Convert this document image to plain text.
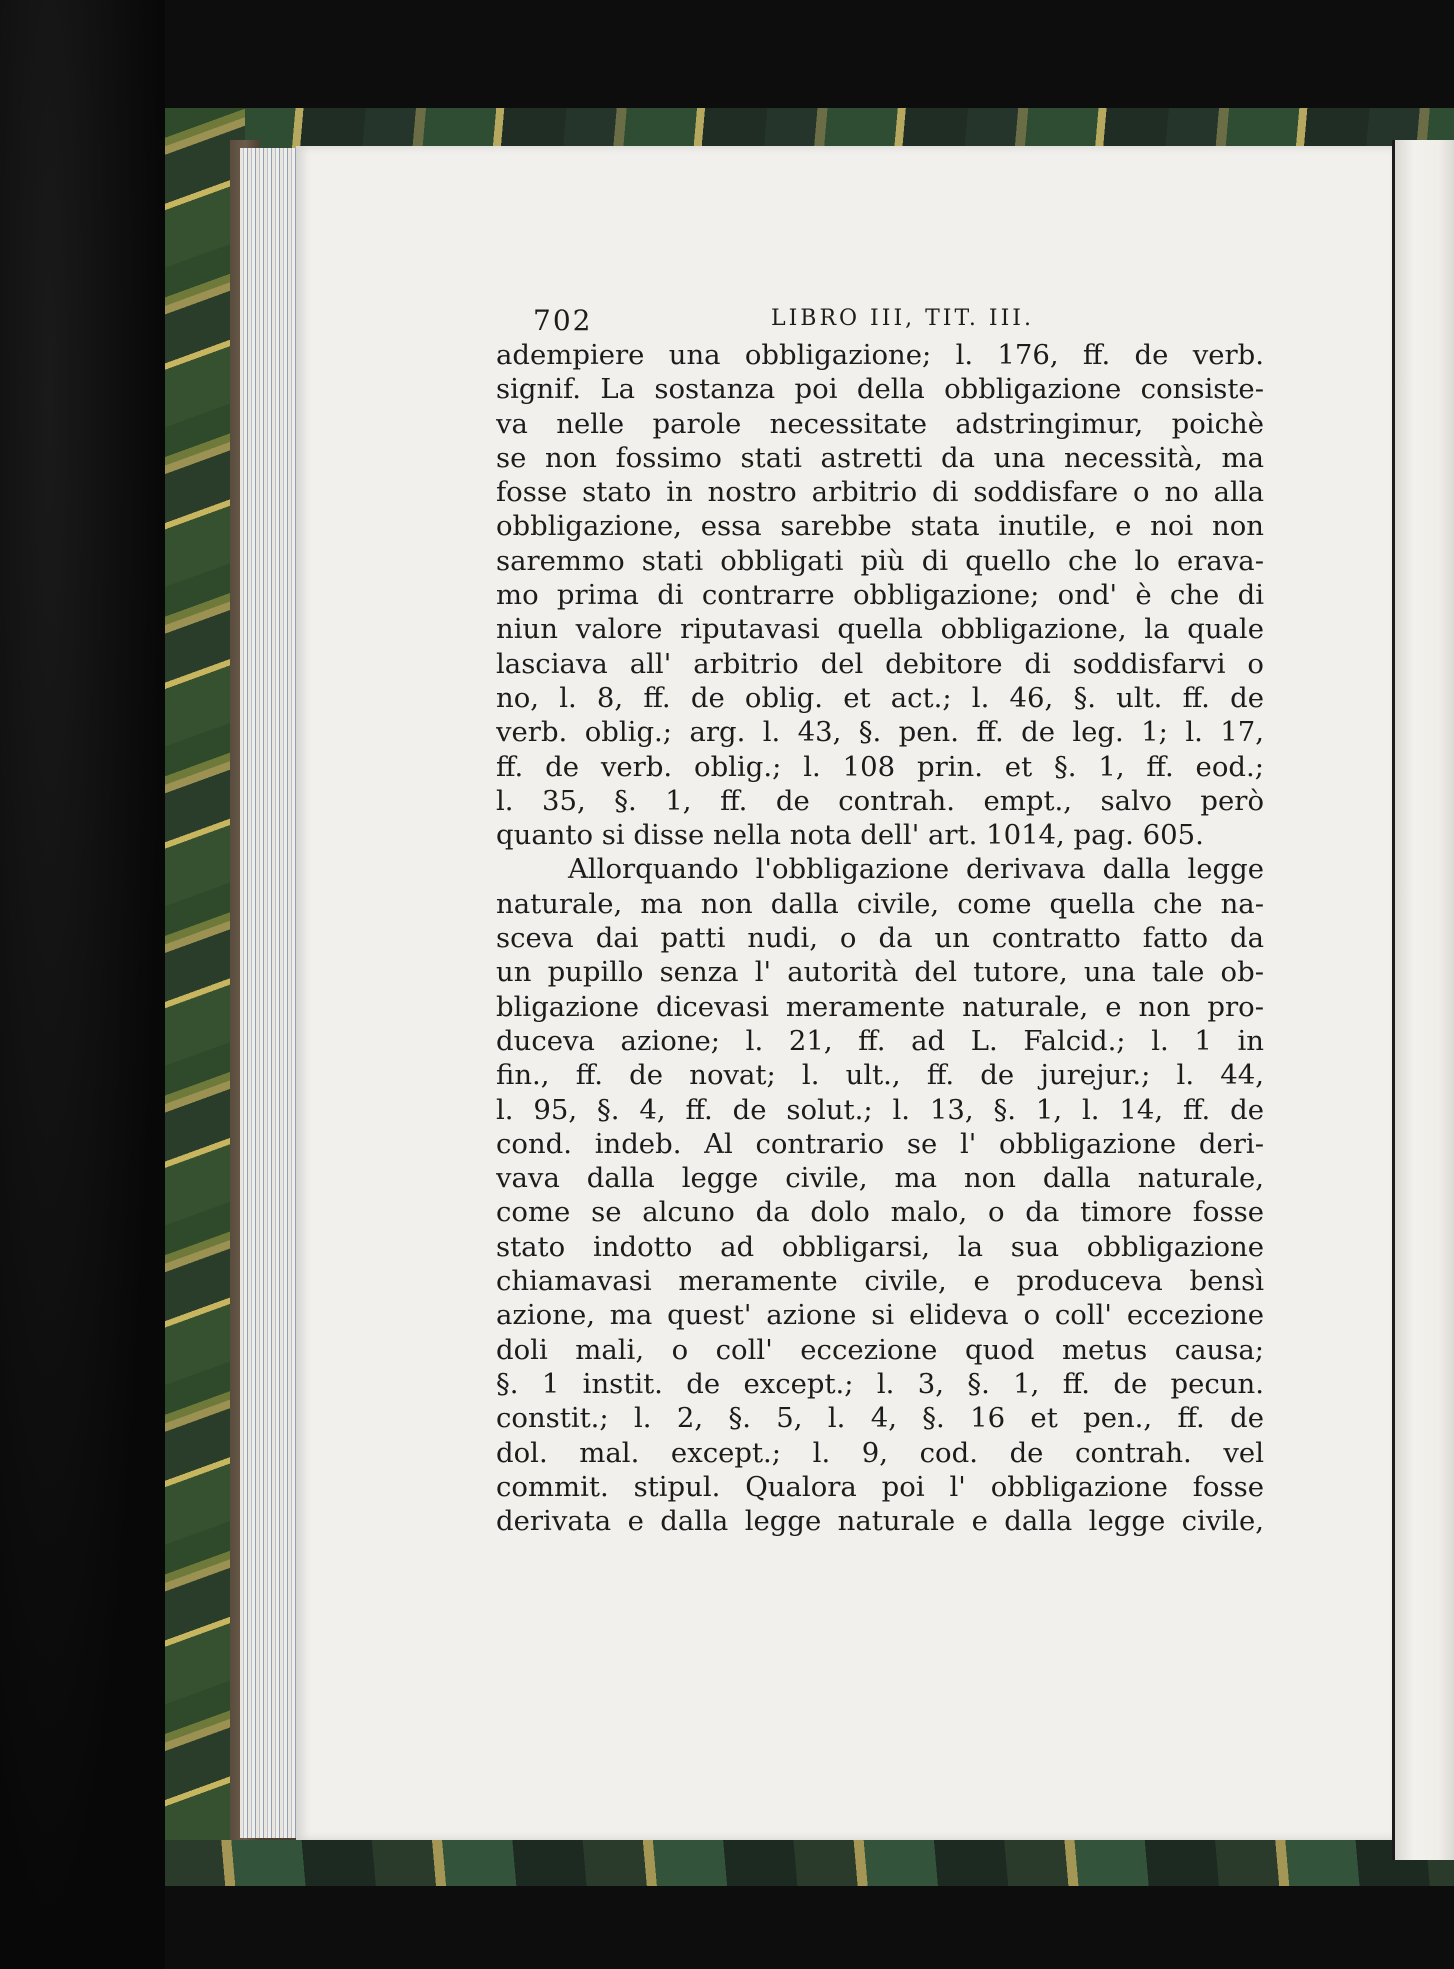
702	LIBRO III, TIT. III.
adempiere una obbligazione; l. 176, ff. de verb.
signif. La sostanza poi della obbligazione consiste-
va nelle parole necessitate adstringimur, poichè
se non fossimo stati astretti da una necessità, ma
fosse stato in nostro arbitrio di soddisfare o no alla
obbligazione, essa sarebbe stata inutile, e noi non
saremmo stati obbligati più di quello che lo erava-
mo prima di contrarre obbligazione; ond' è che di
niun valore riputavasi quella obbligazione, la quale
lasciava all' arbitrio del debitore di soddisfarvi o
no, l. 8, ff. de oblig. et act.; l. 46, §. ult. ff. de
verb. oblig.; arg. l. 43, §. pen. ff. de leg. 1; l. 17,
ff. de verb. oblig.; l. 108 prin. et §. 1, ff. eod.;
l. 35, §. 1, ff. de contrah. empt., salvo però
quanto si disse nella nota dell' art. 1014, pag. 605.
Allorquando l'obbligazione derivava dalla legge
naturale, ma non dalla civile, come quella che na-
sceva dai patti nudi, o da un contratto fatto da
un pupillo senza l' autorità del tutore, una tale ob-
bligazione dicevasi meramente naturale, e non pro-
duceva azione; l. 21, ff. ad L. Falcid.; l. 1 in
fin., ff. de novat; l. ult., ff. de jurejur.; l. 44,
l. 95, §. 4, ff. de solut.; l. 13, §. 1, l. 14, ff. de
cond. indeb. Al contrario se l' obbligazione deri-
vava dalla legge civile, ma non dalla naturale,
come se alcuno da dolo malo, o da timore fosse
stato indotto ad obbligarsi, la sua obbligazione
chiamavasi meramente civile, e produceva bensì
azione, ma quest' azione si elideva o coll' eccezione
doli mali, o coll' eccezione quod metus causa;
§. 1 instit. de except.; l. 3, §. 1, ff. de pecun.
constit.; l. 2, §. 5, l. 4, §. 16 et pen., ff. de
dol. mal. except.; l. 9, cod. de contrah. vel
commit. stipul. Qualora poi l' obbligazione fosse
derivata e dalla legge naturale e dalla legge civile,
